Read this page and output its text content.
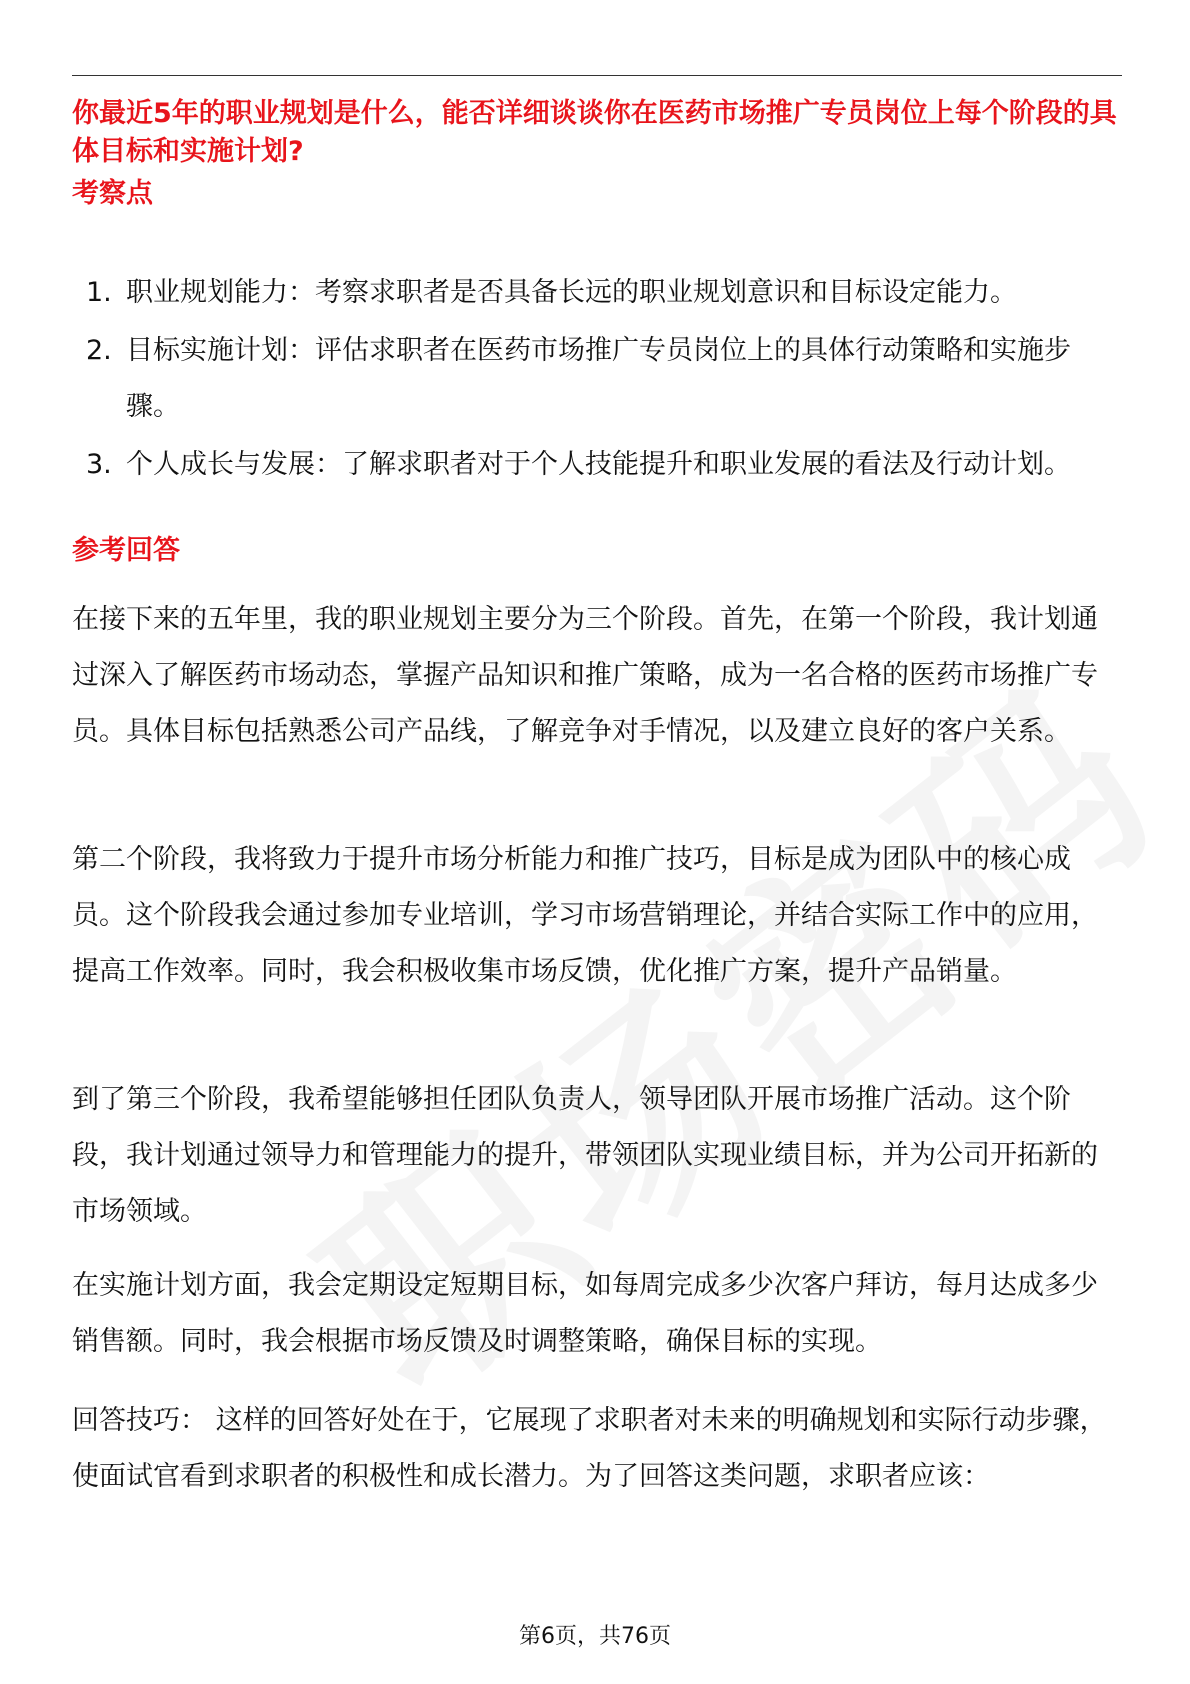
你最近5年的职业规划是什么，能否详细谈谈你在医药市场推广专员岗位上每个阶段的具体目标和实施计划?

考察点

1. 职业规划能力：考察求职者是否具备长远的职业规划意识和目标设定能力。
2. 目标实施计划：评估求职者在医药市场推广专员岗位上的具体行动策略和实施步骤。
3. 个人成长与发展：了解求职者对于个人技能提升和职业发展的看法及行动计划。

参考回答

在接下来的五年里，我的职业规划主要分为三个阶段。首先，在第一个阶段，我计划通过深入了解医药市场动态，掌握产品知识和推广策略，成为一名合格的医药市场推广专员。具体目标包括熟悉公司产品线，了解竞争对手情况，以及建立良好的客户关系。

第二个阶段，我将致力于提升市场分析能力和推广技巧，目标是成为团队中的核心成员。这个阶段我会通过参加专业培训，学习市场营销理论，并结合实际工作中的应用，提高工作效率。同时，我会积极收集市场反馈，优化推广方案，提升产品销量。

到了第三个阶段，我希望能够担任团队负责人，领导团队开展市场推广活动。这个阶段，我计划通过领导力和管理能力的提升，带领团队实现业绩目标，并为公司开拓新的市场领域。

在实施计划方面，我会定期设定短期目标，如每周完成多少次客户拜访，每月达成多少销售额。同时，我会根据市场反馈及时调整策略，确保目标的实现。

回答技巧： 这样的回答好处在于，它展现了求职者对未来的明确规划和实际行动步骤，使面试官看到求职者的积极性和成长潜力。为了回答这类问题，求职者应该：

第6页，共76页
